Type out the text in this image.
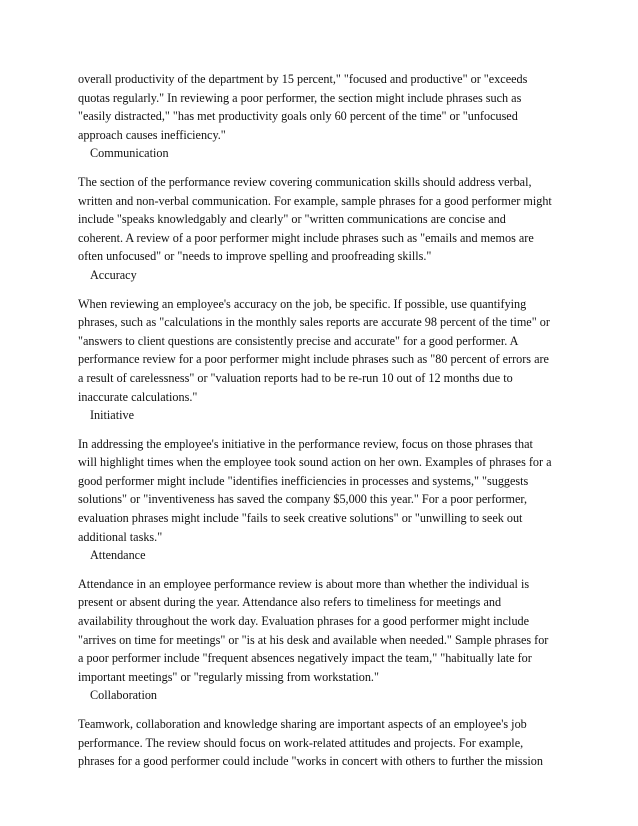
overall productivity of the department by 15 percent," "focused and productive" or "exceeds
quotas regularly." In reviewing a poor performer, the section might include phrases such as
"easily distracted," "has met productivity goals only 60 percent of the time" or "unfocused
approach causes inefficiency."
Communication
The section of the performance review covering communication skills should address verbal,
written and non-verbal communication. For example, sample phrases for a good performer might
include "speaks knowledgably and clearly" or "written communications are concise and
coherent. A review of a poor performer might include phrases such as "emails and memos are
often unfocused" or "needs to improve spelling and proofreading skills."
Accuracy
When reviewing an employee's accuracy on the job, be specific. If possible, use quantifying
phrases, such as "calculations in the monthly sales reports are accurate 98 percent of the time" or
"answers to client questions are consistently precise and accurate" for a good performer. A
performance review for a poor performer might include phrases such as "80 percent of errors are
a result of carelessness" or "valuation reports had to be re-run 10 out of 12 months due to
inaccurate calculations."
Initiative
In addressing the employee's initiative in the performance review, focus on those phrases that
will highlight times when the employee took sound action on her own. Examples of phrases for a
good performer might include "identifies inefficiencies in processes and systems," "suggests
solutions" or "inventiveness has saved the company $5,000 this year." For a poor performer,
evaluation phrases might include "fails to seek creative solutions" or "unwilling to seek out
additional tasks."
Attendance
Attendance in an employee performance review is about more than whether the individual is
present or absent during the year. Attendance also refers to timeliness for meetings and
availability throughout the work day. Evaluation phrases for a good performer might include
"arrives on time for meetings" or "is at his desk and available when needed." Sample phrases for
a poor performer include "frequent absences negatively impact the team," "habitually late for
important meetings" or "regularly missing from workstation."
Collaboration
Teamwork, collaboration and knowledge sharing are important aspects of an employee's job
performance. The review should focus on work-related attitudes and projects. For example,
phrases for a good performer could include "works in concert with others to further the mission
